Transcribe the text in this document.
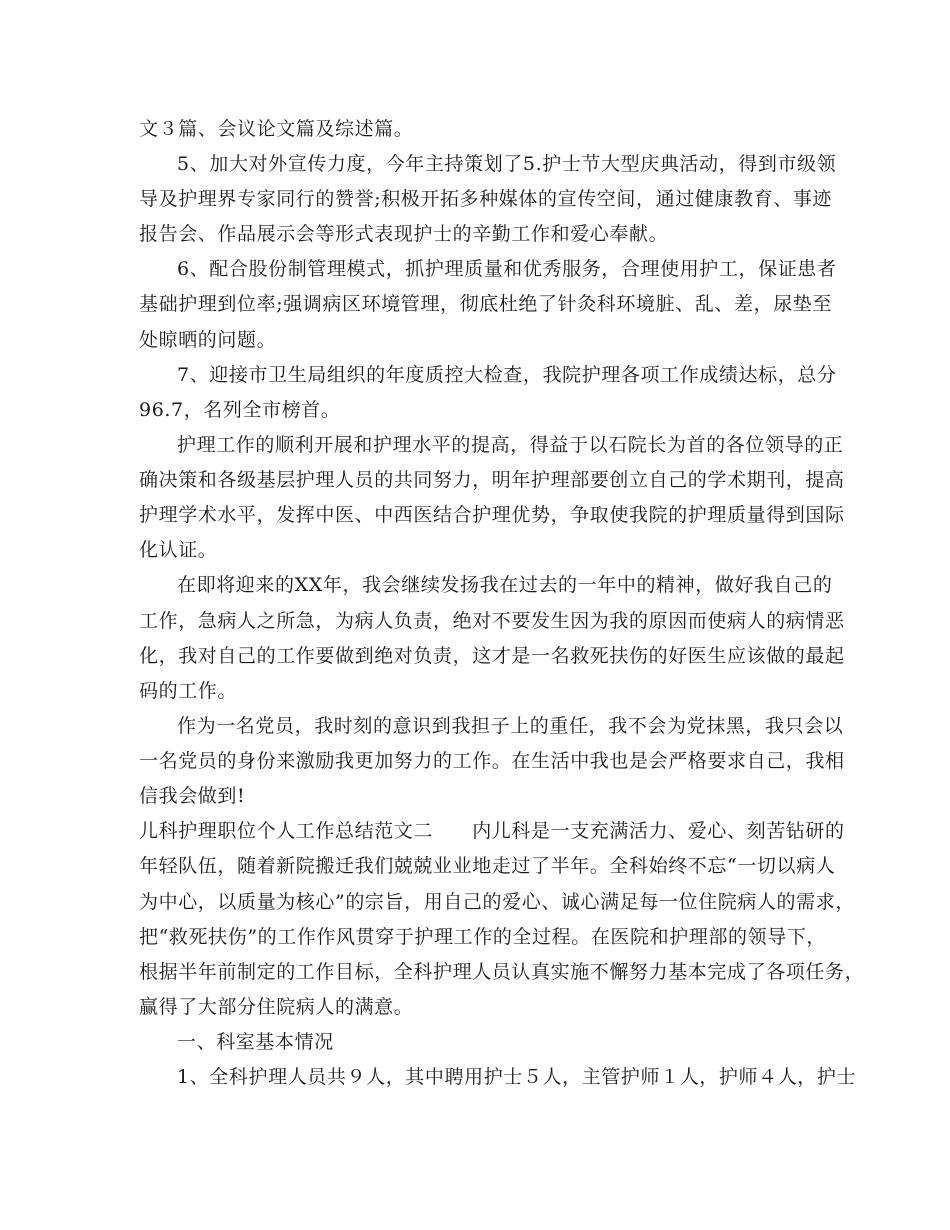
文３篇、会议论文篇及综述篇。
5、加大对外宣传力度，今年主持策划了5.护士节大型庆典活动，得到市级领
导及护理界专家同行的赞誉;积极开拓多种媒体的宣传空间，通过健康教育、事迹
报告会、作品展示会等形式表现护士的辛勤工作和爱心奉献。
6、配合股份制管理模式，抓护理质量和优秀服务，合理使用护工，保证患者
基础护理到位率;强调病区环境管理，彻底杜绝了针灸科环境脏、乱、差，尿垫至
处晾晒的问题。
7、迎接市卫生局组织的年度质控大检查，我院护理各项工作成绩达标，总分
96.7，名列全市榜首。
护理工作的顺利开展和护理水平的提高，得益于以石院长为首的各位领导的正
确决策和各级基层护理人员的共同努力，明年护理部要创立自己的学术期刊，提高
护理学术水平，发挥中医、中西医结合护理优势，争取使我院的护理质量得到国际
化认证。
在即将迎来的XX年，我会继续发扬我在过去的一年中的精神，做好我自己的
工作，急病人之所急，为病人负责，绝对不要发生因为我的原因而使病人的病情恶
化，我对自己的工作要做到绝对负责，这才是一名救死扶伤的好医生应该做的最起
码的工作。
作为一名党员，我时刻的意识到我担子上的重任，我不会为党抹黑，我只会以
一名党员的身份来激励我更加努力的工作。在生活中我也是会严格要求自己，我相
信我会做到!
儿科护理职位个人工作总结范文二　　内儿科是一支充满活力、爱心、刻苦钻研的
年轻队伍，随着新院搬迁我们兢兢业业地走过了半年。全科始终不忘“一切以病人
为中心，以质量为核心”的宗旨，用自己的爱心、诚心满足每一位住院病人的需求，
把“救死扶伤”的工作作风贯穿于护理工作的全过程。在医院和护理部的领导下，
根据半年前制定的工作目标，全科护理人员认真实施不懈努力基本完成了各项任务，
赢得了大部分住院病人的满意。
一、科室基本情况
1、全科护理人员共９人，其中聘用护士５人，主管护师１人，护师４人，护士
